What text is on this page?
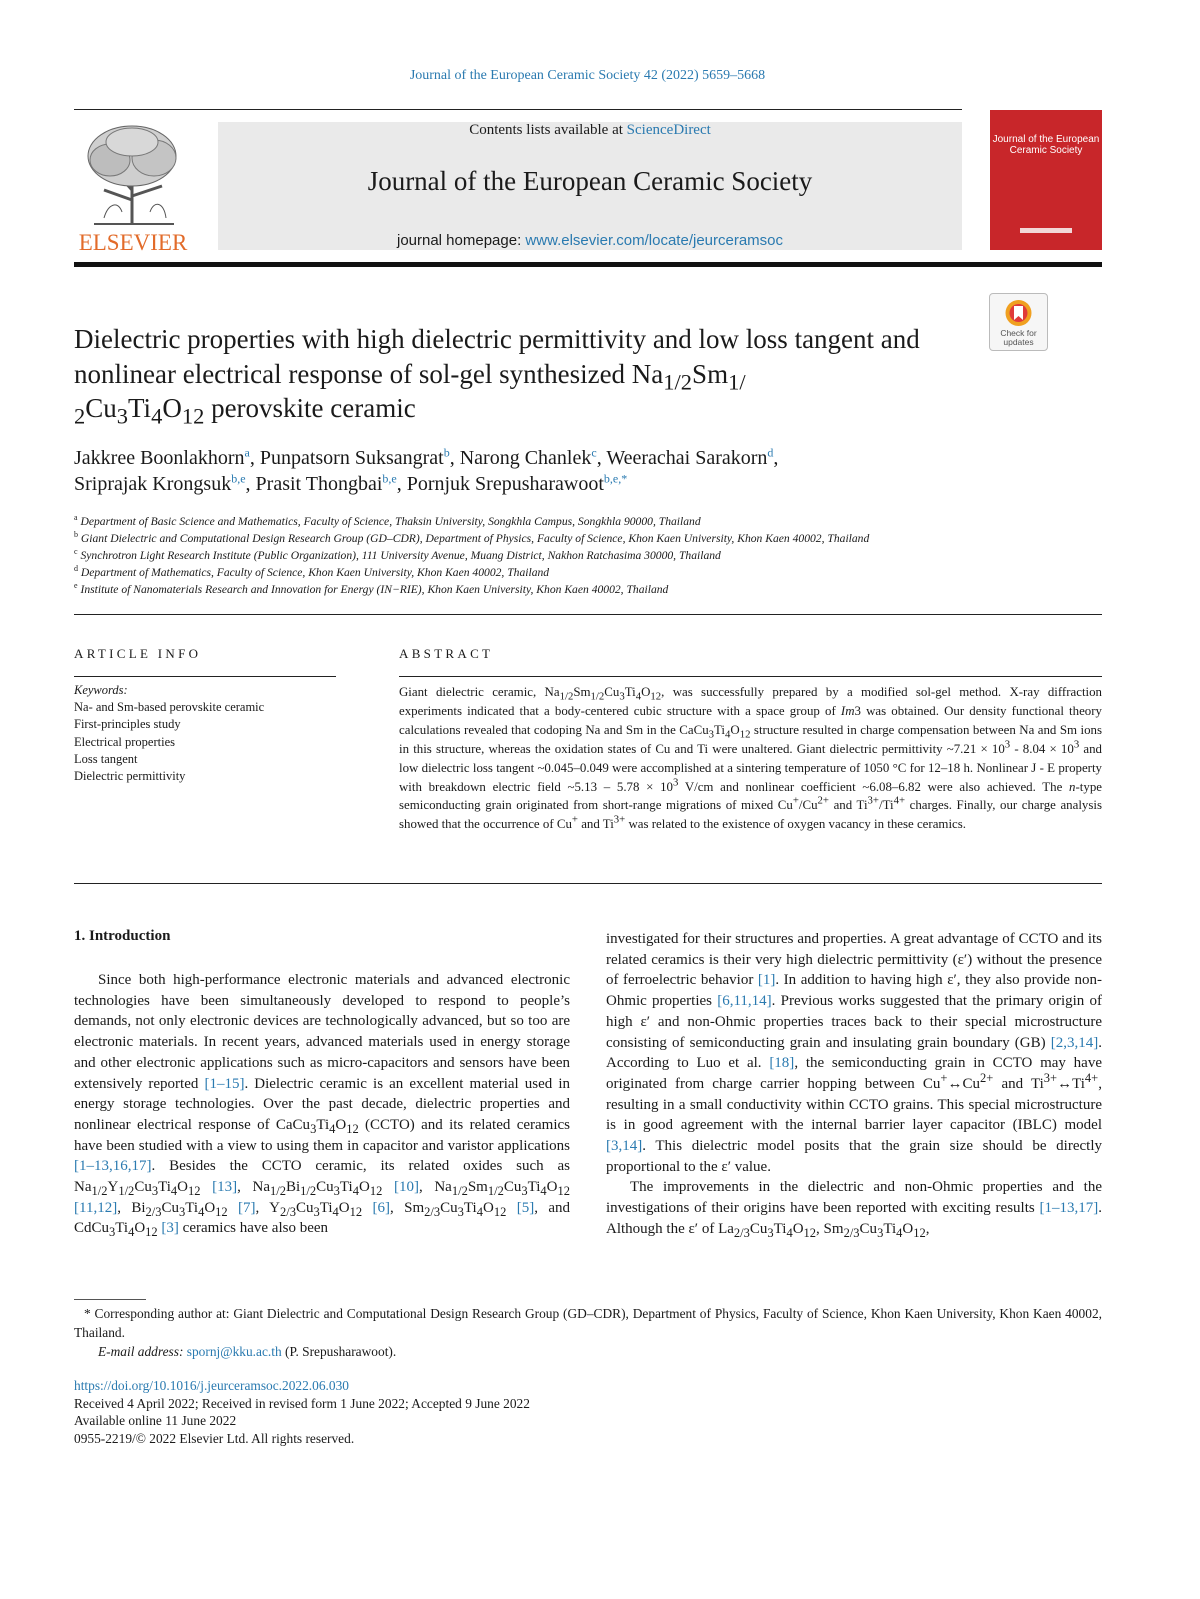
Journal of the European Ceramic Society 42 (2022) 5659–5668
ELSEVIER
Contents lists available at ScienceDirect
Journal of the European Ceramic Society
journal homepage: www.elsevier.com/locate/jeurceramsoc
Journal of the European Ceramic Society
Check for updates
Dielectric properties with high dielectric permittivity and low loss tangent and nonlinear electrical response of sol-gel synthesized $Na_{1/2}Sm_{1/}$
$_2Cu_3Ti_4O_{12}$ perovskite ceramic
Jakkree Boonlakhorn$^a$, Punpatsorn Suksangrat$^b$, Narong Chanlek$^c$, Weerachai Sarakorn$^d$,
Sriprajak Krongsuk$^{b,e}$, Prasit Thongbai$^{b,e}$, Pornjuk Srepusharawoot$^{b,e,*}$
$^a$ Department of Basic Science and Mathematics, Faculty of Science, Thaksin University, Songkhla Campus, Songkhla 90000, Thailand
$^b$ Giant Dielectric and Computational Design Research Group (GD–CDR), Department of Physics, Faculty of Science, Khon Kaen University, Khon Kaen 40002, Thailand
$^c$ Synchrotron Light Research Institute (Public Organization), 111 University Avenue, Muang District, Nakhon Ratchasima 30000, Thailand
$^d$ Department of Mathematics, Faculty of Science, Khon Kaen University, Khon Kaen 40002, Thailand
$^e$ Institute of Nanomaterials Research and Innovation for Energy (IN−RIE), Khon Kaen University, Khon Kaen 40002, Thailand
ARTICLE INFO
Keywords:
Na- and Sm-based perovskite ceramic
First-principles study
Electrical properties
Loss tangent
Dielectric permittivity
ABSTRACT
Giant dielectric ceramic, $Na_{1/2}Sm_{1/2}Cu_3Ti_4O_{12}$, was successfully prepared by a modified sol-gel method. X-ray diffraction experiments indicated that a body-centered cubic structure with a space group of Im3 was obtained. Our density functional theory calculations revealed that codoping Na and Sm in the $CaCu_3Ti_4O_{12}$ structure resulted in charge compensation between Na and Sm ions in this structure, whereas the oxidation states of Cu and Ti were unaltered. Giant dielectric permittivity ~7.21 × $10^3 - 8.04 \times 10^3$ and low dielectric loss tangent ~0.045–0.049 were accomplished at a sintering temperature of 1050 °C for 12–18 h. Nonlinear J - E property with breakdown electric field ~5.13 – $5.78 \times 10^3$ V/cm and nonlinear coefficient ~6.08–6.82 were also achieved. The n-type semiconducting grain originated from short-range migrations of mixed $Cu^+/Cu^{2+}$ and $Ti^{3+}/Ti^{4+}$ charges. Finally, our charge analysis showed that the occurrence of Cu+ and $Ti^{3+}$ was related to the existence of oxygen vacancy in these ceramics.
1. Introduction

Since both high-performance electronic materials and advanced electronic technologies have been simultaneously developed to respond to people’s demands, not only electronic devices are technologically advanced, but so too are electronic materials. In recent years, advanced materials used in energy storage and other electronic applications such as micro-capacitors and sensors have been extensively reported [1–15]. Dielectric ceramic is an excellent material used in energy storage technologies. Over the past decade, dielectric properties and nonlinear electrical response of $CaCu_3Ti_4O_{12}$ (CCTO) and its related ceramics have been studied with a view to using them in capacitor and varistor applications [1–13,16,17]. Besides the CCTO ceramic, its related oxides such as $Na_{1/2}Y_{1/2}Cu_3Ti_4O_{12}$ [13], $Na_{1/2}Bi_{1/2}Cu_3Ti_4O_{12}$ [10], $Na_{1/2}Sm_{1/2}Cu_3Ti_4O_{12}$ [11,12], $Bi_{2/3}Cu_3Ti_4O_{12}$ [7], $Y_{2/3}Cu_3Ti_4O_{12}$ [6], $Sm_{2/3}Cu_3Ti_4O_{12}$ [5], and $CdCu_3Ti_4O_{12}$ [3] ceramics have also been

investigated for their structures and properties. A great advantage of CCTO and its related ceramics is their very high dielectric permittivity (ε′) without the presence of ferroelectric behavior [1]. In addition to having high ε′, they also provide non-Ohmic properties [6,11,14]. Previous works suggested that the primary origin of high ε′ and non-Ohmic properties traces back to their special microstructure consisting of semiconducting grain and insulating grain boundary (GB) [2,3,14]. According to Luo et al. [18], the semiconducting grain in CCTO may have originated from charge carrier hopping between $Cu^+\leftrightarrow Cu^{2+}$ and $Ti^{3+}\leftrightarrow Ti^{4+}$, resulting in a small conductivity within CCTO grains. This special microstructure is in good agreement with the internal barrier layer capacitor (IBLC) model [3,14]. This dielectric model posits that the grain size should be directly proportional to the ε′ value.

The improvements in the dielectric and non-Ohmic properties and the investigations of their origins have been reported with exciting results [1–13,17]. Although the ε′ of $La_{2/3}Cu_3Ti_4O_{12}$, $Sm_{2/3}Cu_3Ti_4O_{12}$,

* Corresponding author at: Giant Dielectric and Computational Design Research Group (GD–CDR), Department of Physics, Faculty of Science, Khon Kaen University, Khon Kaen 40002, Thailand.
E-mail address: spornj@kku.ac.th (P. Srepusharawoot).
https://doi.org/10.1016/j.jeurceramsoc.2022.06.030
Received 4 April 2022; Received in revised form 1 June 2022; Accepted 9 June 2022
Available online 11 June 2022
0955-2219/© 2022 Elsevier Ltd. All rights reserved.
